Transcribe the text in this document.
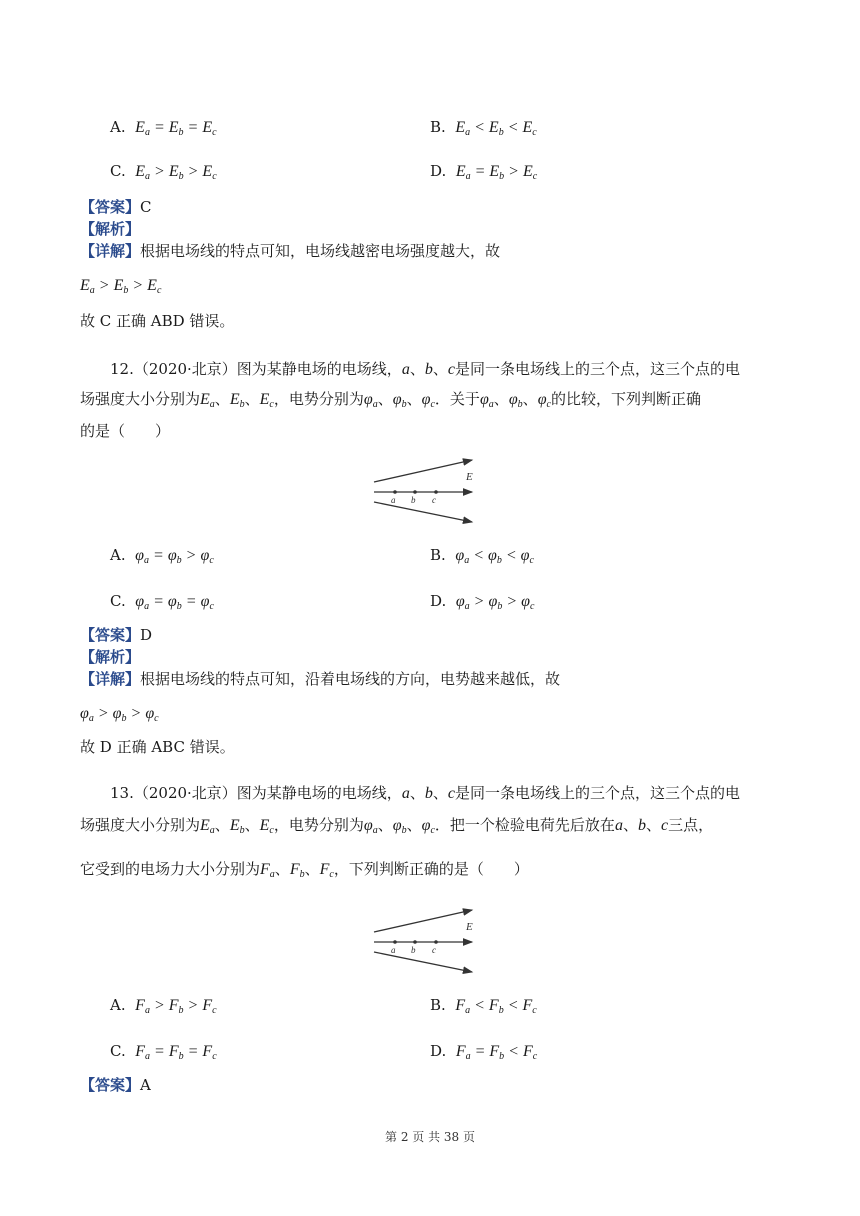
A. $E_a = E_b = E_c$	B. $E_a < E_b < E_c$
C. $E_a > E_b > E_c$	D. $E_a = E_b > E_c$
【答案】C
【解析】
【详解】根据电场线的特点可知，电场线越密电场强度越大，故
$E_a > E_b > E_c$
故 C 正确 ABD 错误。
12.（2020·北京）图为某静电场的电场线，a、b、c是同一条电场线上的三个点，这三个点的电
场强度大小分别为$E_a$、$E_b$、$E_c$，电势分别为$\varphi_a$、$\varphi_b$、$\varphi_c$．关于$\varphi_a$、$\varphi_b$、$\varphi_c$的比较，下列判断正确
的是（　　）
E
a b c
A. $\varphi_a = \varphi_b > \varphi_c$	B. $\varphi_a < \varphi_b < \varphi_c$
C. $\varphi_a = \varphi_b = \varphi_c$	D. $\varphi_a > \varphi_b > \varphi_c$
【答案】D
【解析】
【详解】根据电场线的特点可知，沿着电场线的方向，电势越来越低，故
$\varphi_a > \varphi_b > \varphi_c$
故 D 正确 ABC 错误。
13.（2020·北京）图为某静电场的电场线，a、b、c是同一条电场线上的三个点，这三个点的电
场强度大小分别为$E_a$、$E_b$、$E_c$，电势分别为$\varphi_a$、$\varphi_b$、$\varphi_c$．把一个检验电荷先后放在a、b、c三点，
它受到的电场力大小分别为$F_a$、$F_b$、$F_c$，下列判断正确的是（　　）
E
a b c
A. $F_a > F_b > F_c$	B. $F_a < F_b < F_c$
C. $F_a = F_b = F_c$	D. $F_a = F_b < F_c$
【答案】A
第 2 页 共 38 页
